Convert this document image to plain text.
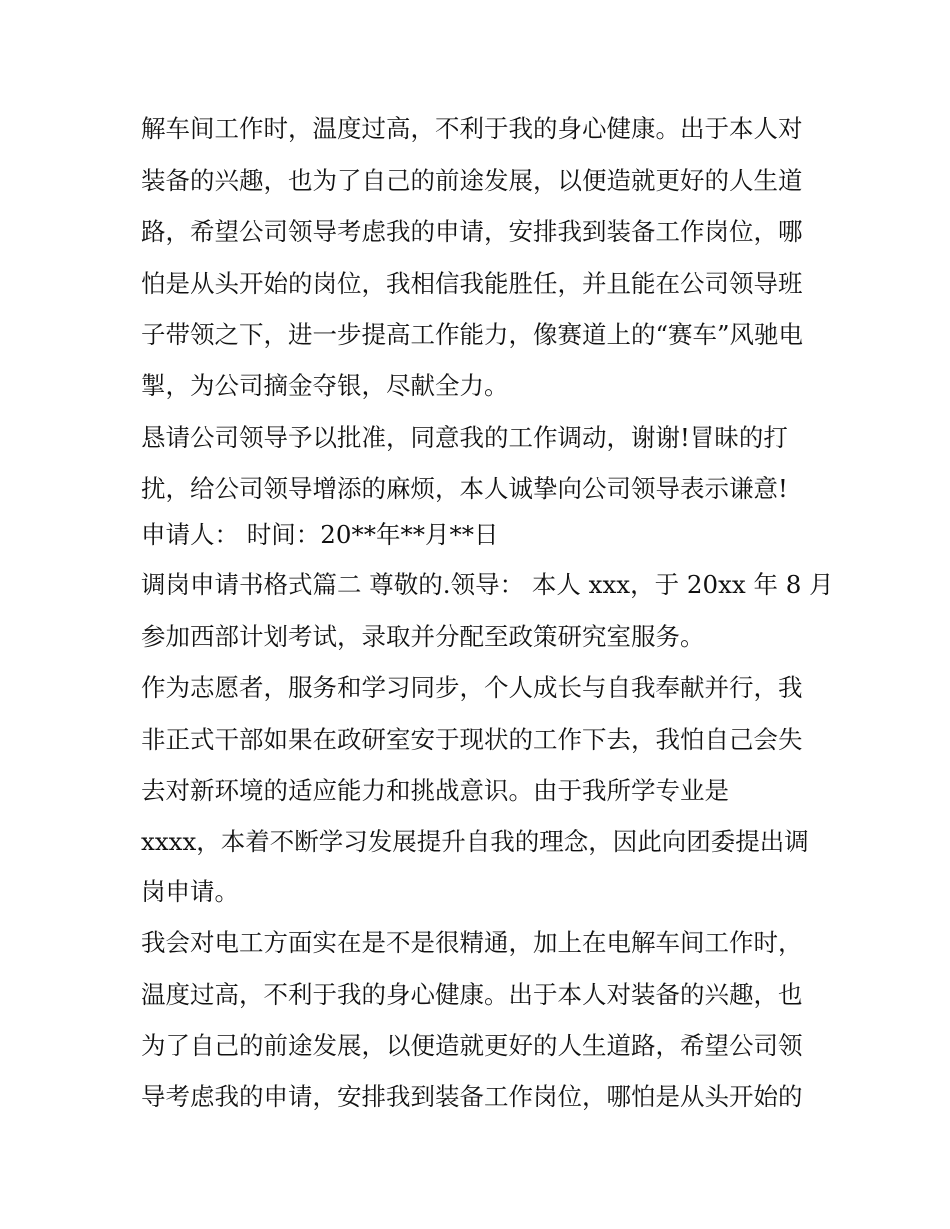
解车间工作时，温度过高，不利于我的身心健康。出于本人对
装备的兴趣，也为了自己的前途发展，以便造就更好的人生道
路，希望公司领导考虑我的申请，安排我到装备工作岗位，哪
怕是从头开始的岗位，我相信我能胜任，并且能在公司领导班
子带领之下，进一步提高工作能力，像赛道上的“赛车”风驰电
掣，为公司摘金夺银，尽献全力。
恳请公司领导予以批准，同意我的工作调动，谢谢!冒昧的打
扰，给公司领导增添的麻烦，本人诚挚向公司领导表示谦意!
申请人： 时间：20**年**月**日
调岗申请书格式篇二 尊敬的.领导： 本人 xxx，于 20xx 年 8 月
参加西部计划考试，录取并分配至政策研究室服务。
作为志愿者，服务和学习同步，个人成长与自我奉献并行，我
非正式干部如果在政研室安于现状的工作下去，我怕自己会失
去对新环境的适应能力和挑战意识。由于我所学专业是
xxxx，本着不断学习发展提升自我的理念，因此向团委提出调
岗申请。
我会对电工方面实在是不是很精通，加上在电解车间工作时，
温度过高，不利于我的身心健康。出于本人对装备的兴趣，也
为了自己的前途发展，以便造就更好的人生道路，希望公司领
导考虑我的申请，安排我到装备工作岗位，哪怕是从头开始的
